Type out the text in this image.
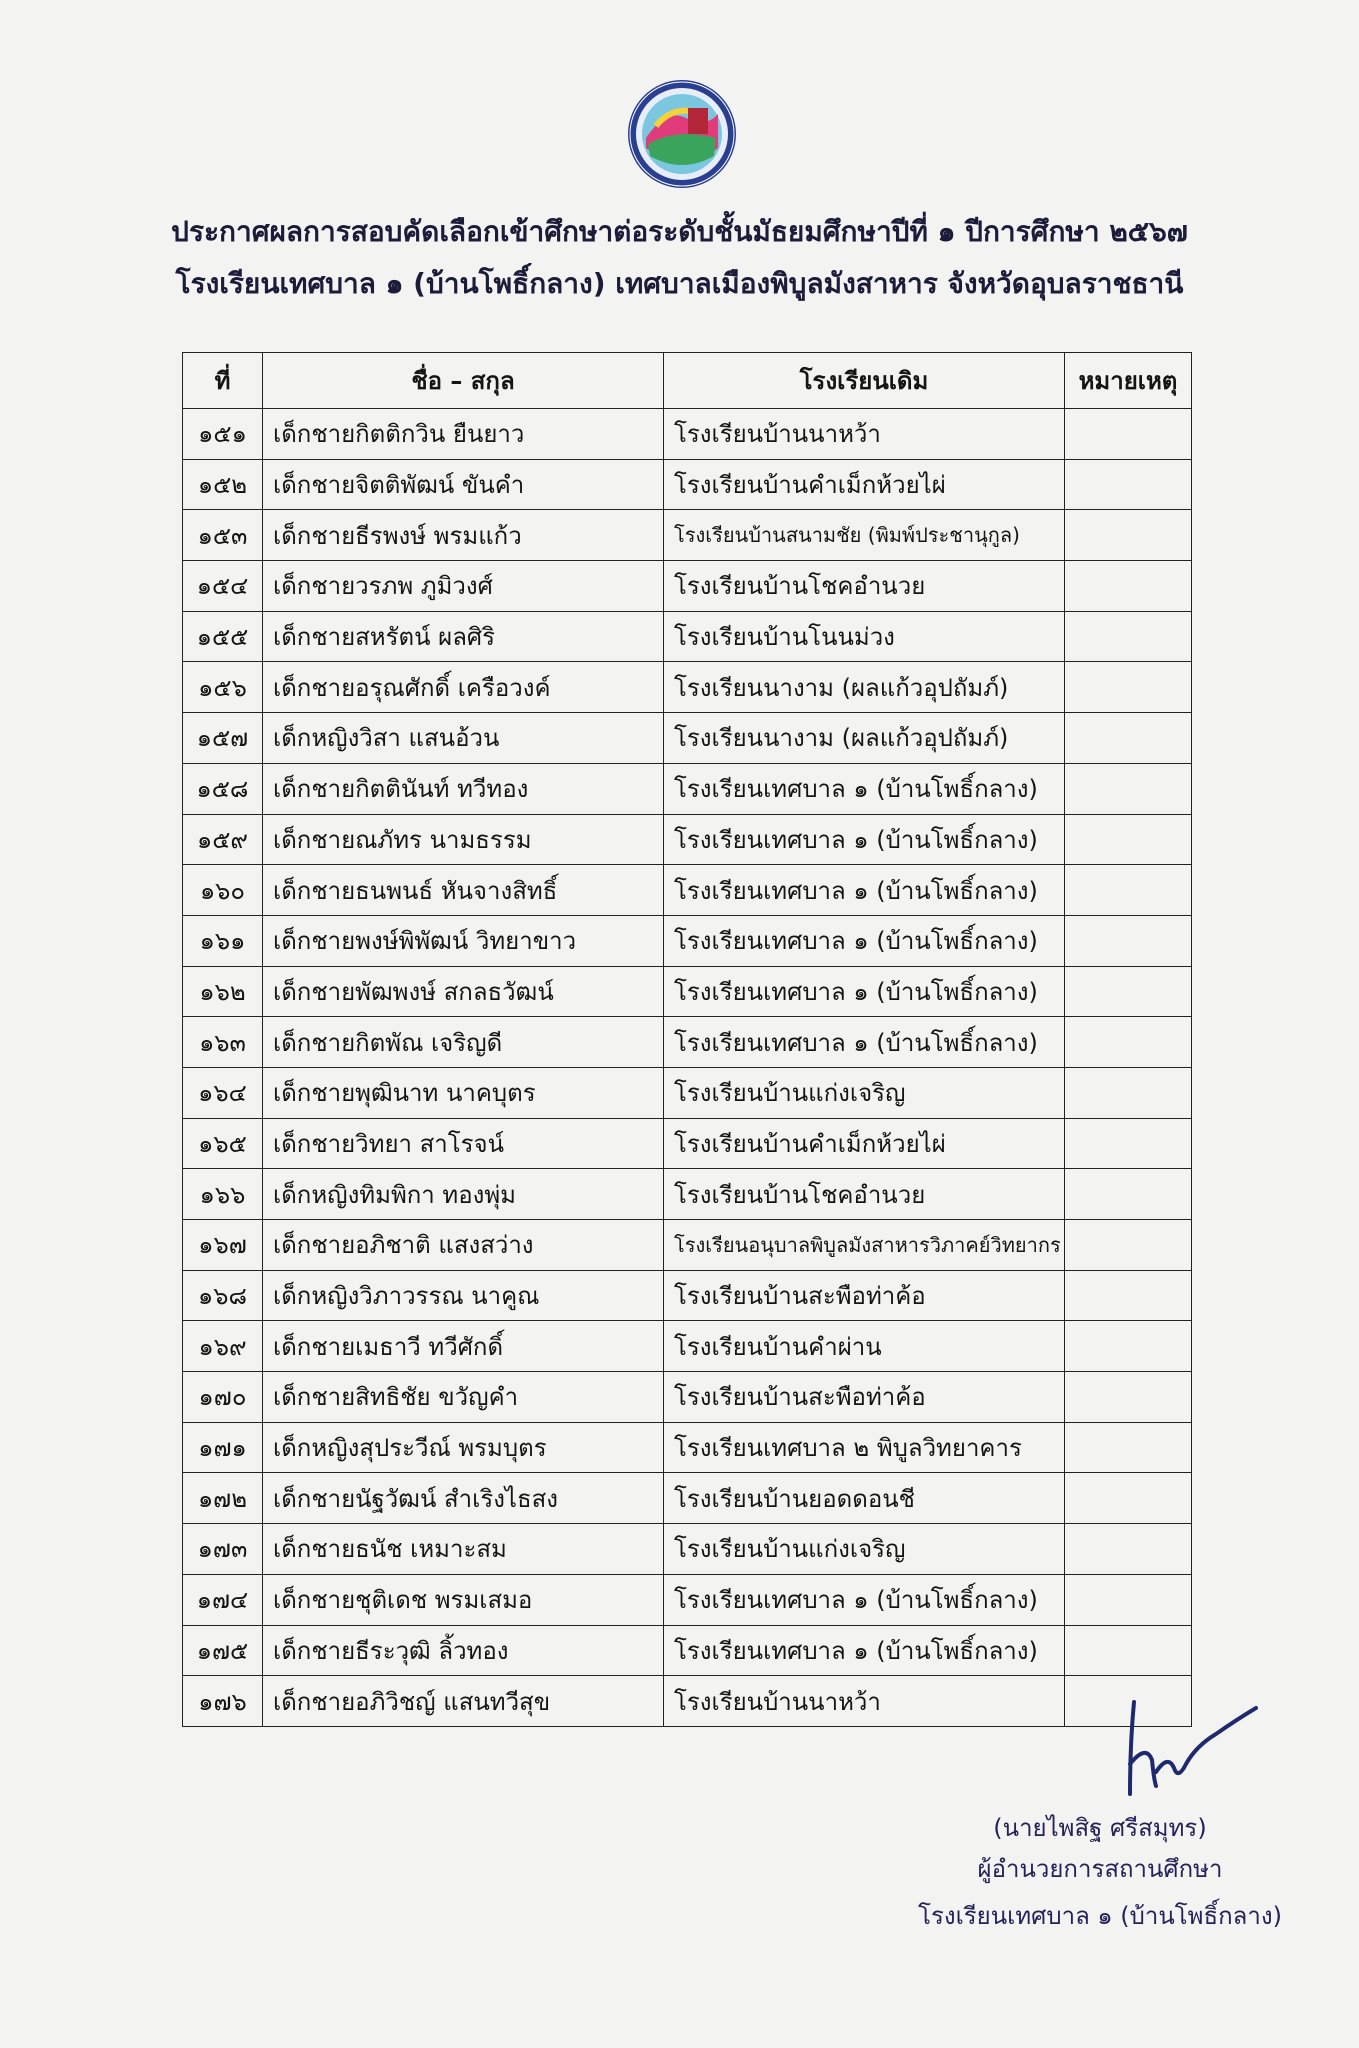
ประกาศผลการสอบคัดเลือกเข้าศึกษาต่อระดับชั้นมัธยมศึกษาปีที่ ๑ ปีการศึกษา ๒๕๖๗
โรงเรียนเทศบาล ๑ (บ้านโพธิ์กลาง) เทศบาลเมืองพิบูลมังสาหาร จังหวัดอุบลราชธานี
ที่	ชื่อ – สกุล	โรงเรียนเดิม	หมายเหตุ
๑๕๑	เด็กชายกิตติกวิน ยืนยาว	โรงเรียนบ้านนาหว้า	
๑๕๒	เด็กชายจิตติพัฒน์ ขันคำ	โรงเรียนบ้านคำเม็กห้วยไผ่	
๑๕๓	เด็กชายธีรพงษ์ พรมแก้ว	โรงเรียนบ้านสนามชัย (พิมพ์ประชานุกูล)	
๑๕๔	เด็กชายวรภพ ภูมิวงศ์	โรงเรียนบ้านโชคอำนวย	
๑๕๕	เด็กชายสหรัตน์ ผลศิริ	โรงเรียนบ้านโนนม่วง	
๑๕๖	เด็กชายอรุณศักดิ์ เครือวงค์	โรงเรียนนางาม (ผลแก้วอุปถัมภ์)	
๑๕๗	เด็กหญิงวิสา แสนอ้วน	โรงเรียนนางาม (ผลแก้วอุปถัมภ์)	
๑๕๘	เด็กชายกิตตินันท์ ทวีทอง	โรงเรียนเทศบาล ๑ (บ้านโพธิ์กลาง)	
๑๕๙	เด็กชายณภัทร นามธรรม	โรงเรียนเทศบาล ๑ (บ้านโพธิ์กลาง)	
๑๖๐	เด็กชายธนพนธ์ หันจางสิทธิ์	โรงเรียนเทศบาล ๑ (บ้านโพธิ์กลาง)	
๑๖๑	เด็กชายพงษ์พิพัฒน์ วิทยาขาว	โรงเรียนเทศบาล ๑ (บ้านโพธิ์กลาง)	
๑๖๒	เด็กชายพัฒพงษ์ สกลธวัฒน์	โรงเรียนเทศบาล ๑ (บ้านโพธิ์กลาง)	
๑๖๓	เด็กชายกิตพัณ เจริญดี	โรงเรียนเทศบาล ๑ (บ้านโพธิ์กลาง)	
๑๖๔	เด็กชายพุฒินาท นาคบุตร	โรงเรียนบ้านแก่งเจริญ	
๑๖๕	เด็กชายวิทยา สาโรจน์	โรงเรียนบ้านคำเม็กห้วยไผ่	
๑๖๖	เด็กหญิงทิมพิกา ทองพุ่ม	โรงเรียนบ้านโชคอำนวย	
๑๖๗	เด็กชายอภิชาติ แสงสว่าง	โรงเรียนอนุบาลพิบูลมังสาหารวิภาคย์วิทยากร	
๑๖๘	เด็กหญิงวิภาวรรณ นาคูณ	โรงเรียนบ้านสะพือท่าค้อ	
๑๖๙	เด็กชายเมธาวี ทวีศักดิ์	โรงเรียนบ้านคำผ่าน	
๑๗๐	เด็กชายสิทธิชัย ขวัญคำ	โรงเรียนบ้านสะพือท่าค้อ	
๑๗๑	เด็กหญิงสุประวีณ์ พรมบุตร	โรงเรียนเทศบาล ๒ พิบูลวิทยาคาร	
๑๗๒	เด็กชายนัฐวัฒน์ สำเริงไธสง	โรงเรียนบ้านยอดดอนชี	
๑๗๓	เด็กชายธนัช เหมาะสม	โรงเรียนบ้านแก่งเจริญ	
๑๗๔	เด็กชายชุติเดช พรมเสมอ	โรงเรียนเทศบาล ๑ (บ้านโพธิ์กลาง)	
๑๗๕	เด็กชายธีระวุฒิ ลิ้วทอง	โรงเรียนเทศบาล ๑ (บ้านโพธิ์กลาง)	
๑๗๖	เด็กชายอภิวิชญ์ แสนทวีสุข	โรงเรียนบ้านนาหว้า	
(นายไพสิฐ ศรีสมุทร)
ผู้อำนวยการสถานศึกษา
โรงเรียนเทศบาล ๑ (บ้านโพธิ์กลาง)
